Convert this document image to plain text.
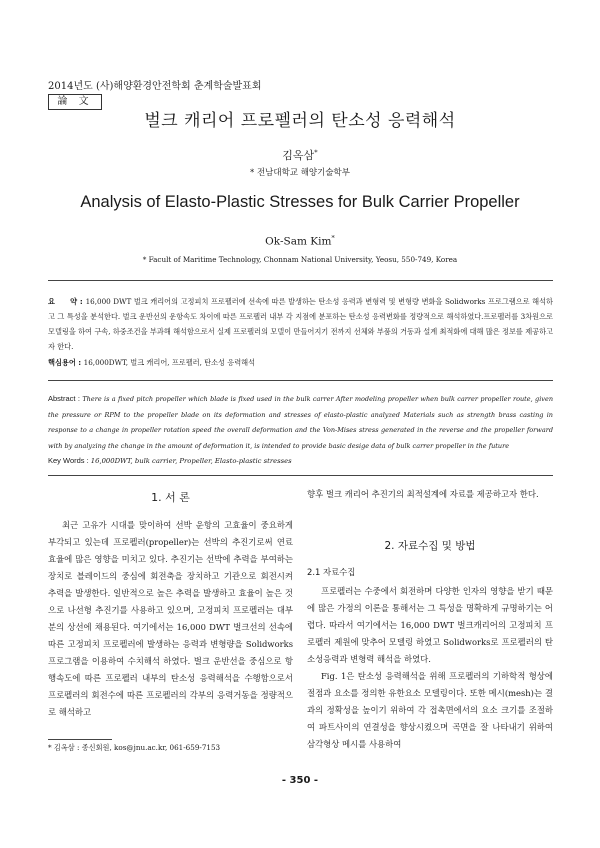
2014년도 (사)해양환경안전학회 춘계학술발표회
論 文
벌크 캐리어 프로펠러의 탄소성 응력해석
김옥삼*
* 전남대학교 해양기술학부
Analysis of Elasto-Plastic Stresses for Bulk Carrier Propeller
Ok-Sam Kim*
* Facult of Maritime Technology, Chonnam National University, Yeosu, 550-749, Korea
요　　약 : 16,000 DWT 벌크 캐리어의 고정피치 프로펠러에 선속에 따른 발생하는 탄소성 응력과 변형력 및 변형량 변화을 Solidworks 프로그램으로 해석하고 그 특성을 분석한다. 벌크 운반선의 운항속도 차이에 따른 프로펠러 내부 각 지점에 분포하는 탄소성 응력변화를 정량적으로 해석하였다.프로펠러를 3차원으로 모델링을 하여 구속, 하중조건을 부과해 해석함으로서 실제 프로펠러의 모델이 만들어지기 전까지 선체와 부품의 거동과 설계 최적화에 대해 많은 정보를 제공하고자 한다.
핵심용어 : 16,000DWT, 벌크 캐리어, 프로펠러, 탄소성 응력해석
Abstract : There is a fixed pitch propeller which blade is fixed used in the bulk carrer After modeling propeller when bulk carrer propeller route, given the pressure or RPM to the propeller blade on its deformation and stresses of elasto-plastic analyzed Materials such as strength brass casting in response to a change in propeller rotation speed the overall deformation and the Von-Mises stress generated in the reverse and the propeller forward with by analyzing the change in the amount of deformation it, is intended to provide basic desige data of bulk carrer propeller in the future
Key Words : 16,000DWT, bulk carrier, Propeller, Elasto-plastic stresses
1. 서 론

최근 고유가 시대를 맞이하여 선박 운항의 고효율이 중요하게 부각되고 있는데 프로펠러(propeller)는 선박의 추진기로써 연료 효율에 많은 영향을 미치고 있다. 추진기는 선박에 추력을 부여하는 장치로 블레이드의 중심에 회전축을 장치하고 기관으로 회전시켜 추력을 발생한다. 일반적으로 높은 추력을 발생하고 효율이 높은 것으로 나선형 추진기를 사용하고 있으며, 고정피치 프로펠러는 대부분의 상선에 채용된다. 여기에서는 16,000 DWT 벌크선의 선속에 따른 고정피치 프로펠러에 발생하는 응력과 변형량을 Solidworks 프로그램을 이용하여 수치해석 하였다. 벌크 운반선을 중심으로 항행속도에 따른 프로펠러 내부의 탄소성 응력해석을 수행함으로서 프로펠러의 회전수에 따른 프로펠러의 각부의 응력거동을 정량적으로 해석하고

향후 벌크 캐리어 추진기의 최적설계에 자료를 제공하고자 한다.

2. 자료수집 및 방법
2.1 자료수집

프로펠러는 수중에서 회전하며 다양한 인자의 영향을 받기 때문에 많은 가정의 이론을 통해서는 그 특성을 명확하게 규명하기는 어렵다. 따라서 여기에서는 16,000 DWT 벌크캐리어의 고정피치 프로펠러 제원에 맞추어 모델링 하였고 Solidworks로 프로펠러의 탄소성응력과 변형력 해석을 하였다.

Fig. 1은 탄소성 응력해석을 위해 프로펠러의 기하학적 형상에 절점과 요소를 정의한 유한요소 모델링이다. 또한 메시(mesh)는 결과의 정확성을 높이기 위하여 각 접촉면에서의 요소 크기를 조절하여 파트사이의 연결성을 향상시켰으며 곡면을 잘 나타내기 위하여 삼각형상 메시를 사용하여

* 김옥삼 : 종신회원, kos@jnu.ac.kr, 061-659-7153
- 350 -
